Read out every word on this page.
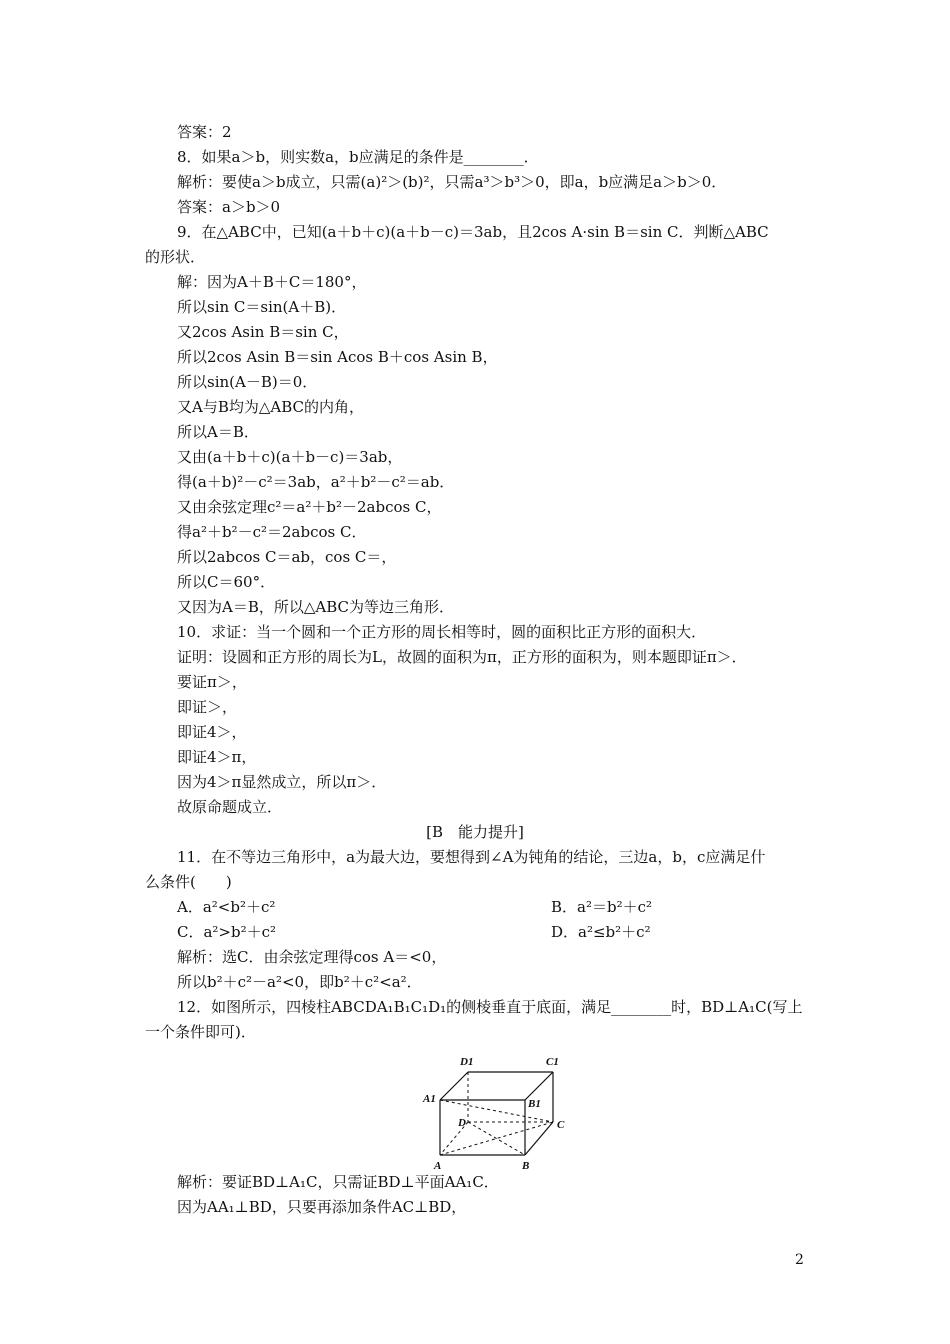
答案：2
8．如果a＞b，则实数a，b应满足的条件是________．
解析：要使a＞b成立，只需(a)²＞(b)²，只需a³＞b³＞0，即a，b应满足a＞b＞0．
答案：a＞b＞0
9．在△ABC中，已知(a＋b＋c)(a＋b－c)＝3ab，且2cos A·sin B＝sin C．判断△ABC
的形状．
解：因为A＋B＋C＝180°，
所以sin C＝sin(A＋B)．
又2cos Asin B＝sin C，
所以2cos Asin B＝sin Acos B＋cos Asin B，
所以sin(A－B)＝0．
又A与B均为△ABC的内角，
所以A＝B．
又由(a＋b＋c)(a＋b－c)＝3ab，
得(a＋b)²－c²＝3ab，a²＋b²－c²＝ab．
又由余弦定理c²＝a²＋b²－2abcos C，
得a²＋b²－c²＝2abcos C．
所以2abcos C＝ab，cos C＝，
所以C＝60°．
又因为A＝B，所以△ABC为等边三角形．
10．求证：当一个圆和一个正方形的周长相等时，圆的面积比正方形的面积大．
证明：设圆和正方形的周长为L，故圆的面积为π，正方形的面积为，则本题即证π＞．
要证π＞，
即证＞，
即证4＞，
即证4＞π，
因为4＞π显然成立，所以π＞．
故原命题成立．
[B　能力提升]
11．在不等边三角形中，a为最大边，要想得到∠A为钝角的结论，三边a，b，c应满足什
么条件(　　)
A．a²<b²＋c²	B．a²＝b²＋c²
C．a²>b²＋c²	D．a²≤b²＋c²
解析：选C．由余弦定理得cos A＝<0，
所以b²＋c²－a²<0，即b²＋c²<a²．
12．如图所示，四棱柱ABCDA₁B₁C₁D₁的侧棱垂直于底面，满足________时，BD⊥A₁C(写上
一个条件即可)．
D1	C1
A1	B1
D	C
A	B
解析：要证BD⊥A₁C，只需证BD⊥平面AA₁C．
因为AA₁⊥BD，只要再添加条件AC⊥BD，
2
